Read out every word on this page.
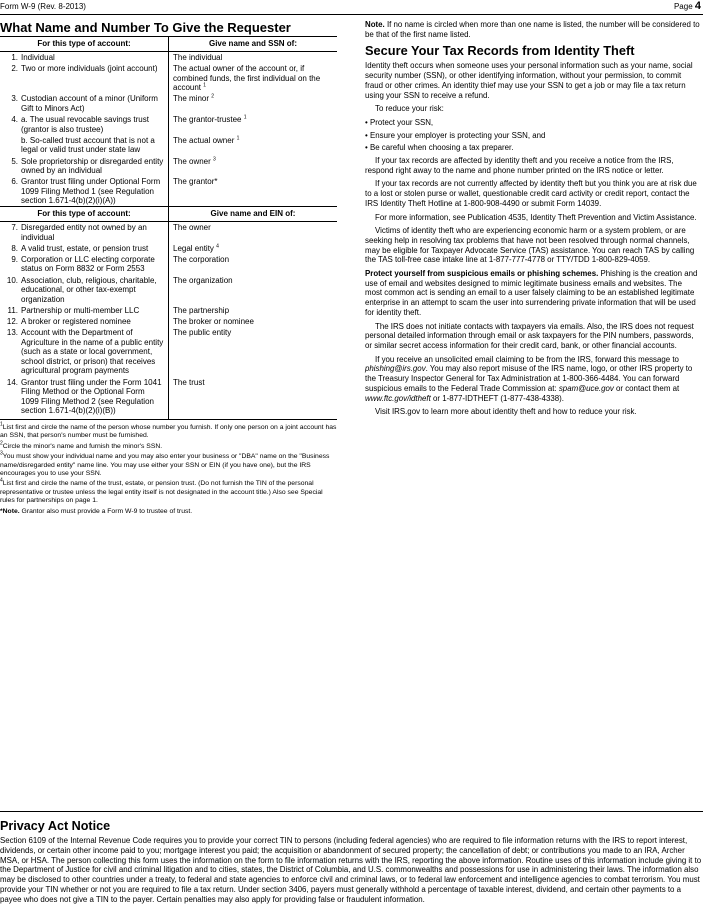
Form W-9 (Rev. 8-2013)	Page 4
What Name and Number To Give the Requester
For this type of account:	Give name and SSN of:

1. Individual	The individual

2. Two or more individuals (joint account)	The actual owner of the account or, if combined funds, the first individual on the account $^1$

3. Custodian account of a minor (Uniform Gift to Minors Act)	The minor $^2$

4. a. The usual revocable savings trust (grantor is also trustee)	The grantor-trustee $^1$

b. So-called trust account that is not a legal or valid trust under state law	The actual owner $^1$

5. Sole proprietorship or disregarded entity owned by an individual	The owner $^3$

6. Grantor trust filing under Optional Form 1099 Filing Method 1 (see Regulation section 1.671-4(b)(2)(i)(A))	The grantor*
For this type of account:	Give name and EIN of:

7. Disregarded entity not owned by an individual	The owner

8. A valid trust, estate, or pension trust	Legal entity $^4$

9. Corporation or LLC electing corporate status on Form 8832 or Form 2553	The corporation

10. Association, club, religious, charitable, educational, or other tax-exempt organization	The organization

11. Partnership or multi-member LLC	The partnership

12. A broker or registered nominee	The broker or nominee

13. Account with the Department of Agriculture in the name of a public entity (such as a state or local government, school district, or prison) that receives agricultural program payments	The public entity

14. Grantor trust filing under the Form 1041 Filing Method or the Optional Form 1099 Filing Method 2 (see Regulation section 1.671-4(b)(2)(i)(B))	The trust

$^1$List first and circle the name of the person whose number you furnish. If only one person on a joint account has an SSN, that person's number must be furnished.

$^2$Circle the minor's name and furnish the minor's SSN.

$^3$You must show your individual name and you may also enter your business or "DBA" name on the "Business name/disregarded entity" name line. You may use either your SSN or EIN (if you have one), but the IRS encourages you to use your SSN.

$^4$List first and circle the name of the trust, estate, or pension trust. (Do not furnish the TIN of the personal representative or trustee unless the legal entity itself is not designated in the account title.) Also see Special rules for partnerships on page 1.

*Note. Grantor also must provide a Form W-9 to trustee of trust.

Note. If no name is circled when more than one name is listed, the number will be considered to be that of the first name listed.

Secure Your Tax Records from Identity Theft

Identity theft occurs when someone uses your personal information such as your name, social security number (SSN), or other identifying information, without your permission, to commit fraud or other crimes. An identity thief may use your SSN to get a job or may file a tax return using your SSN to receive a refund.

To reduce your risk:

• Protect your SSN,
• Ensure your employer is protecting your SSN, and
• Be careful when choosing a tax preparer.

If your tax records are affected by identity theft and you receive a notice from the IRS, respond right away to the name and phone number printed on the IRS notice or letter.

If your tax records are not currently affected by identity theft but you think you are at risk due to a lost or stolen purse or wallet, questionable credit card activity or credit report, contact the IRS Identity Theft Hotline at 1-800-908-4490 or submit Form 14039.

For more information, see Publication 4535, Identity Theft Prevention and Victim Assistance.

Victims of identity theft who are experiencing economic harm or a system problem, or are seeking help in resolving tax problems that have not been resolved through normal channels, may be eligible for Taxpayer Advocate Service (TAS) assistance. You can reach TAS by calling the TAS toll-free case intake line at 1-877-777-4778 or TTY/TDD 1-800-829-4059.

Protect yourself from suspicious emails or phishing schemes. Phishing is the creation and use of email and websites designed to mimic legitimate business emails and websites. The most common act is sending an email to a user falsely claiming to be an established legitimate enterprise in an attempt to scam the user into surrendering private information that will be used for identity theft.

The IRS does not initiate contacts with taxpayers via emails. Also, the IRS does not request personal detailed information through email or ask taxpayers for the PIN numbers, passwords, or similar secret access information for their credit card, bank, or other financial accounts.

If you receive an unsolicited email claiming to be from the IRS, forward this message to phishing@irs.gov. You may also report misuse of the IRS name, logo, or other IRS property to the Treasury Inspector General for Tax Administration at 1-800-366-4484. You can forward suspicious emails to the Federal Trade Commission at: spam@uce.gov or contact them at www.ftc.gov/idtheft or 1-877-IDTHEFT (1-877-438-4338).

Visit IRS.gov to learn more about identity theft and how to reduce your risk.

Privacy Act Notice

Section 6109 of the Internal Revenue Code requires you to provide your correct TIN to persons (including federal agencies) who are required to file information returns with the IRS to report interest, dividends, or certain other income paid to you; mortgage interest you paid; the acquisition or abandonment of secured property; the cancellation of debt; or contributions you made to an IRA, Archer MSA, or HSA. The person collecting this form uses the information on the form to file information returns with the IRS, reporting the above information. Routine uses of this information include giving it to the Department of Justice for civil and criminal litigation and to cities, states, the District of Columbia, and U.S. commonwealths and possessions for use in administering their laws. The information also may be disclosed to other countries under a treaty, to federal and state agencies to enforce civil and criminal laws, or to federal law enforcement and intelligence agencies to combat terrorism. You must provide your TIN whether or not you are required to file a tax return. Under section 3406, payers must generally withhold a percentage of taxable interest, dividend, and certain other payments to a payee who does not give a TIN to the payer. Certain penalties may also apply for providing false or fraudulent information.
